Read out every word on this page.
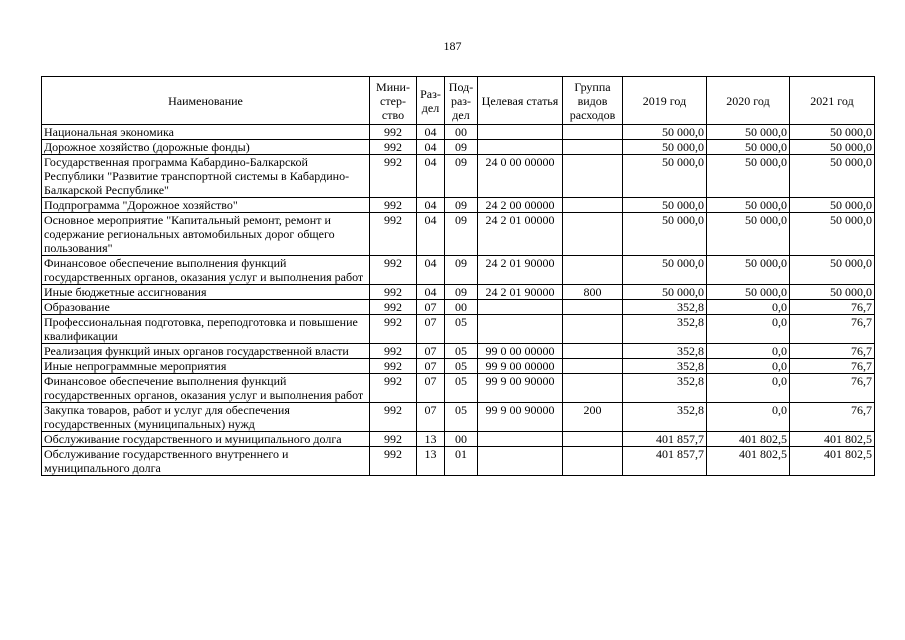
187
Наименование	Мини-стер-ство	Раз-дел	Под-раз-дел	Целевая статья	Группа видов расходов	2019 год	2020 год	2021 год
Национальная экономика	992	04	00			50 000,0	50 000,0	50 000,0
Дорожное хозяйство (дорожные фонды)	992	04	09			50 000,0	50 000,0	50 000,0
Государственная программа Кабардино-Балкарской Республики "Развитие транспортной системы в Кабардино-Балкарской Республике"	992	04	09	24 0 00 00000		50 000,0	50 000,0	50 000,0
Подпрограмма "Дорожное хозяйство"	992	04	09	24 2 00 00000		50 000,0	50 000,0	50 000,0
Основное мероприятие "Капитальный ремонт, ремонт и содержание региональных автомобильных дорог общего пользования"	992	04	09	24 2 01 00000		50 000,0	50 000,0	50 000,0
Финансовое обеспечение выполнения функций государственных органов, оказания услуг и выполнения работ	992	04	09	24 2 01 90000		50 000,0	50 000,0	50 000,0
Иные бюджетные ассигнования	992	04	09	24 2 01 90000	800	50 000,0	50 000,0	50 000,0
Образование	992	07	00			352,8	0,0	76,7
Профессиональная подготовка, переподготовка и повышение квалификации	992	07	05			352,8	0,0	76,7
Реализация функций иных органов государственной власти	992	07	05	99 0 00 00000		352,8	0,0	76,7
Иные непрограммные мероприятия	992	07	05	99 9 00 00000		352,8	0,0	76,7
Финансовое обеспечение выполнения функций государственных органов, оказания услуг и выполнения работ	992	07	05	99 9 00 90000		352,8	0,0	76,7
Закупка товаров, работ и услуг для обеспечения государственных (муниципальных) нужд	992	07	05	99 9 00 90000	200	352,8	0,0	76,7
Обслуживание государственного и муниципального долга	992	13	00			401 857,7	401 802,5	401 802,5
Обслуживание государственного внутреннего и муниципального долга	992	13	01			401 857,7	401 802,5	401 802,5
